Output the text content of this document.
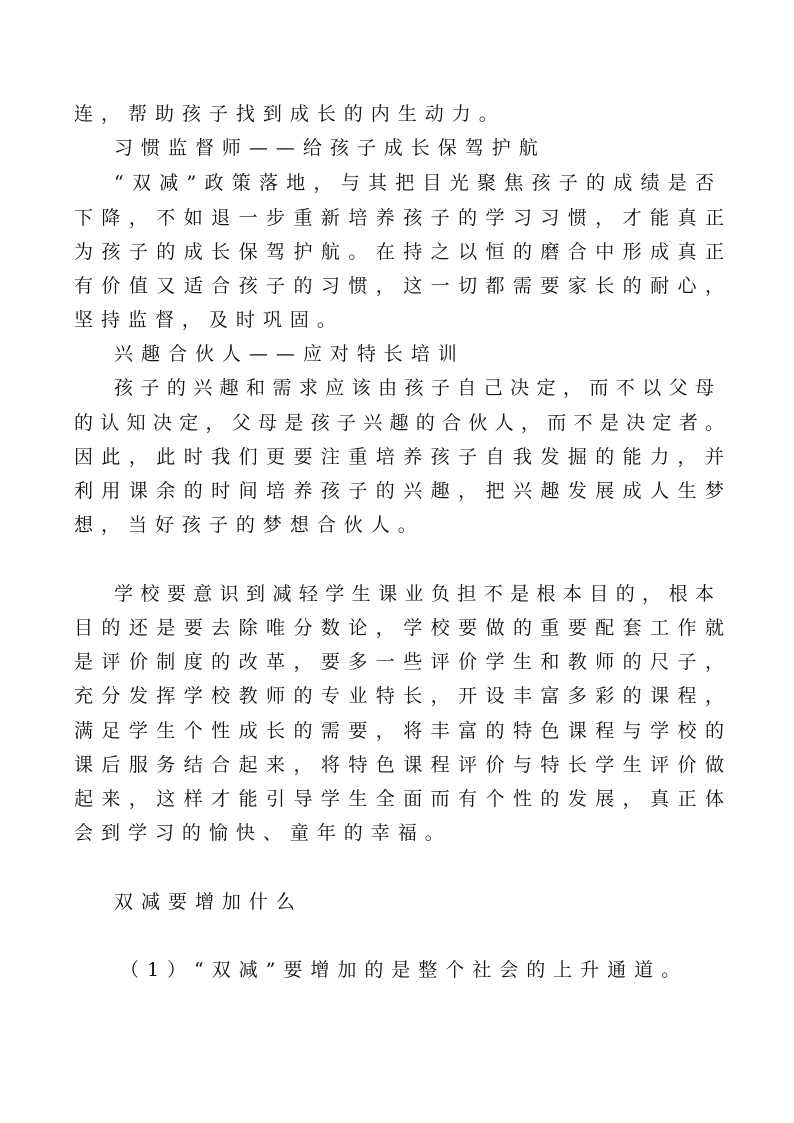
连，帮助孩子找到成长的内生动力。
习惯监督师——给孩子成长保驾护航
“双减”政策落地，与其把目光聚焦孩子的成绩是否
下降，不如退一步重新培养孩子的学习习惯，才能真正
为孩子的成长保驾护航。在持之以恒的磨合中形成真正
有价值又适合孩子的习惯，这一切都需要家长的耐心，
坚持监督，及时巩固。
兴趣合伙人——应对特长培训
孩子的兴趣和需求应该由孩子自己决定，而不以父母
的认知决定，父母是孩子兴趣的合伙人，而不是决定者。
因此，此时我们更要注重培养孩子自我发掘的能力，并
利用课余的时间培养孩子的兴趣，把兴趣发展成人生梦
想，当好孩子的梦想合伙人。
学校要意识到减轻学生课业负担不是根本目的，根本
目的还是要去除唯分数论，学校要做的重要配套工作就
是评价制度的改革，要多一些评价学生和教师的尺子，
充分发挥学校教师的专业特长，开设丰富多彩的课程，
满足学生个性成长的需要，将丰富的特色课程与学校的
课后服务结合起来，将特色课程评价与特长学生评价做
起来，这样才能引导学生全面而有个性的发展，真正体
会到学习的愉快、童年的幸福。
双减要增加什么
（1）“双减”要增加的是整个社会的上升通道。
